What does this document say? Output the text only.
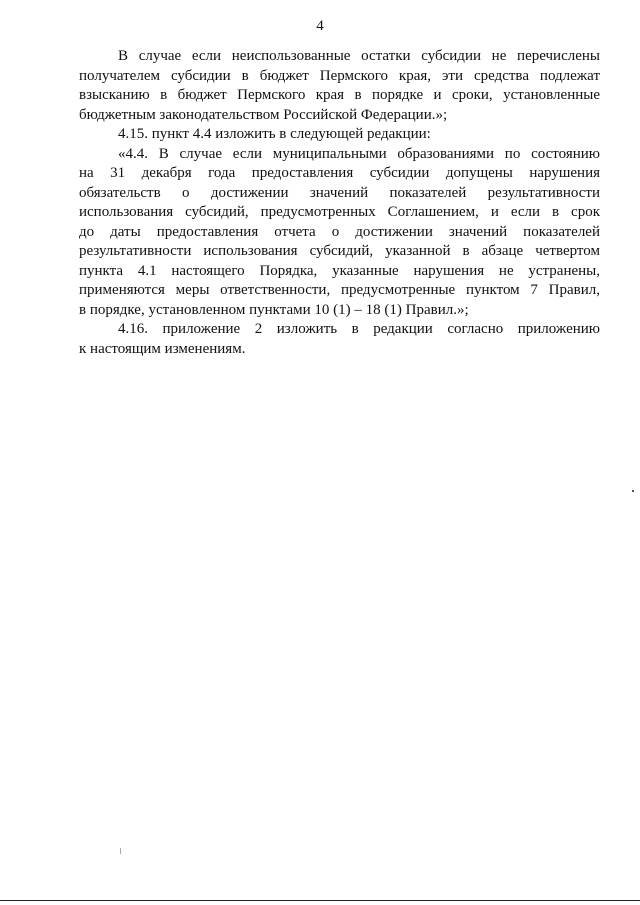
4
В случае если неиспользованные остатки субсидии не перечислены
получателем субсидии в бюджет Пермского края, эти средства подлежат
взысканию в бюджет Пермского края в порядке и сроки, установленные
бюджетным законодательством Российской Федерации.»;
4.15. пункт 4.4 изложить в следующей редакции:
«4.4. В случае если муниципальными образованиями по состоянию
на 31 декабря года предоставления субсидии допущены нарушения
обязательств о достижении значений показателей результативности
использования субсидий, предусмотренных Соглашением, и если в срок
до даты предоставления отчета о достижении значений показателей
результативности использования субсидий, указанной в абзаце четвертом
пункта 4.1 настоящего Порядка, указанные нарушения не устранены,
применяются меры ответственности, предусмотренные пунктом 7 Правил,
в порядке, установленном пунктами 10 (1) – 18 (1) Правил.»;
4.16. приложение 2 изложить в редакции согласно приложению
к настоящим изменениям.
